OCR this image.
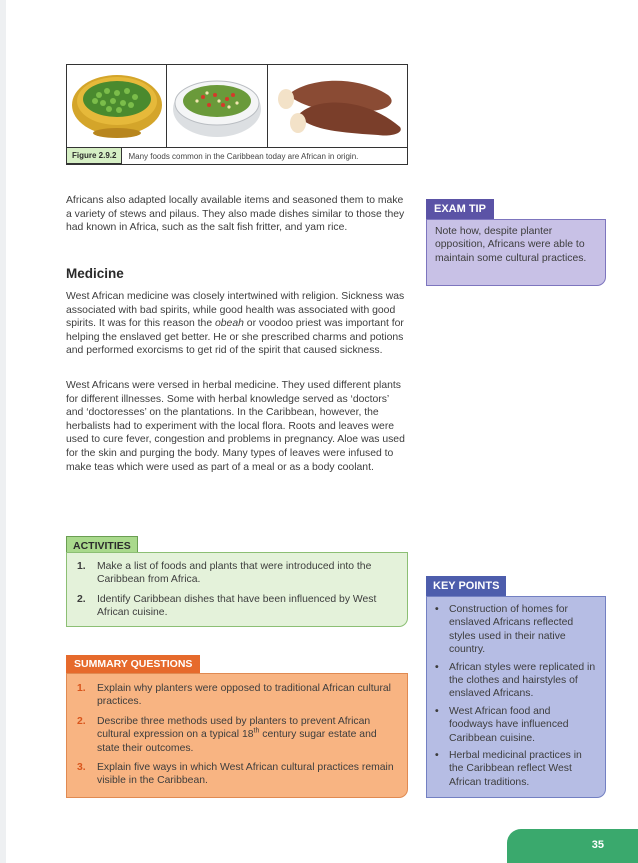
Figure 2.9.2	Many foods common in the Caribbean today are African in origin.

Africans also adapted locally available items and seasoned them to make a variety of stews and pilaus. They also made dishes similar to those they had known in Africa, such as the salt fish fritter, and yam rice.

Medicine

West African medicine was closely intertwined with religion. Sickness was associated with bad spirits, while good health was associated with good spirits. It was for this reason the obeah or voodoo priest was important for helping the enslaved get better. He or she prescribed charms and potions and performed exorcisms to get rid of the spirit that caused sickness.

West Africans were versed in herbal medicine. They used different plants for different illnesses. Some with herbal knowledge served as ‘doctors’ and ‘doctoresses’ on the plantations. In the Caribbean, however, the herbalists had to experiment with the local flora. Roots and leaves were used to cure fever, congestion and problems in pregnancy. Aloe was used for the skin and purging the body. Many types of leaves were infused to make teas which were used as part of a meal or as a body coolant.

EXAM TIP
Note how, despite planter opposition, Africans were able to maintain some cultural practices.
ACTIVITIES
1.	Make a list of foods and plants that were introduced into the Caribbean from Africa.
2.	Identify Caribbean dishes that have been influenced by West African cuisine.
SUMMARY QUESTIONS
1.	Explain why planters were opposed to traditional African cultural practices.
2.	Describe three methods used by planters to prevent African cultural expression on a typical 18th century sugar estate and state their outcomes.
3.	Explain five ways in which West African cultural practices remain visible in the Caribbean.
KEY POINTS
• Construction of homes for enslaved Africans reflected styles used in their native country.
• African styles were replicated in the clothes and hairstyles of enslaved Africans.
• West African food and foodways have influenced Caribbean cuisine.
• Herbal medicinal practices in the Caribbean reflect West African traditions.
35
